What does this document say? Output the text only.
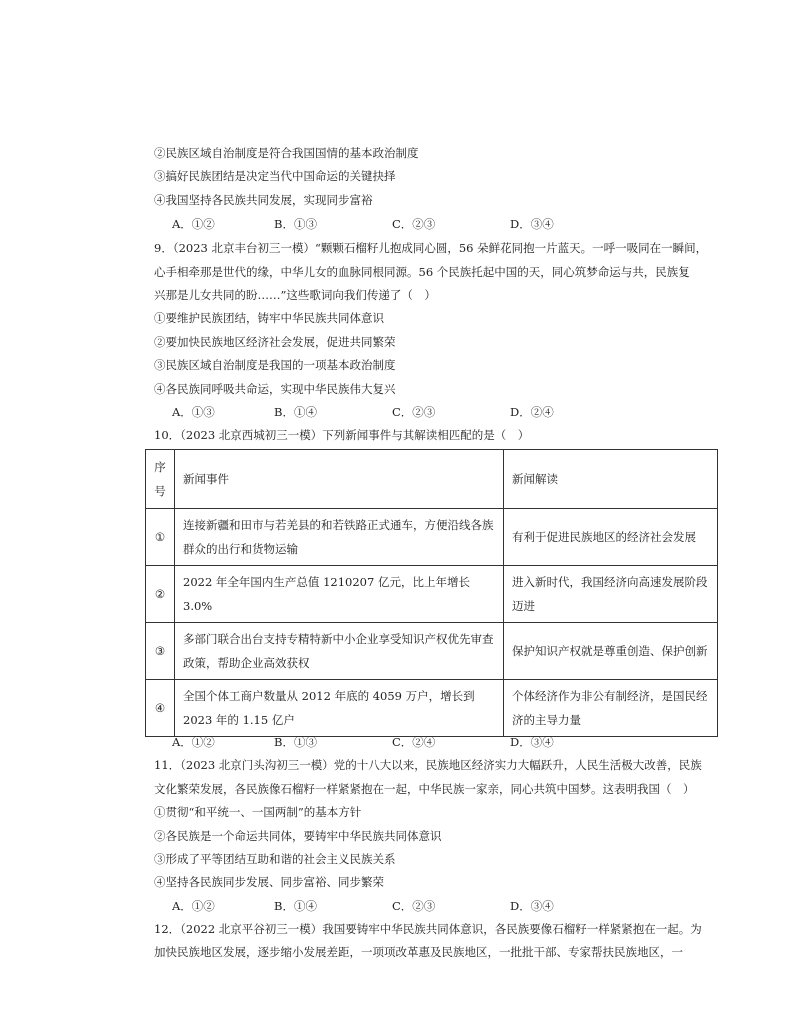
②民族区域自治制度是符合我国国情的基本政治制度
③搞好民族团结是决定当代中国命运的关键抉择
④我国坚持各民族共同发展，实现同步富裕
A．①②	B．①③	C．②③	D．③④
9．（2023 北京丰台初三一模）“颗颗石榴籽儿抱成同心圆，56 朵鲜花同抱一片蓝天。一呼一吸同在一瞬间，
心手相牵那是世代的缘，中华儿女的血脉同根同源。56 个民族托起中国的天，同心筑梦命运与共，民族复
兴那是儿女共同的盼……”这些歌词向我们传递了（　）
①要维护民族团结，铸牢中华民族共同体意识
②要加快民族地区经济社会发展，促进共同繁荣
③民族区域自治制度是我国的一项基本政治制度
④各民族同呼吸共命运，实现中华民族伟大复兴
A．①③	B．①④	C．②③	D．②④
10．（2023 北京西城初三一模）下列新闻事件与其解读相匹配的是（　）
序号	新闻事件	新闻解读
①	连接新疆和田市与若羌县的和若铁路正式通车，方便沿线各族群众的出行和货物运输	有利于促进民族地区的经济社会发展
②	2022 年全年国内生产总值 1210207 亿元，比上年增长 3.0%	进入新时代，我国经济向高速发展阶段迈进
③	多部门联合出台支持专精特新中小企业享受知识产权优先审查政策，帮助企业高效获权	保护知识产权就是尊重创造、保护创新
④	全国个体工商户数量从 2012 年底的 4059 万户，增长到 2023 年的 1.15 亿户	个体经济作为非公有制经济，是国民经济的主导力量
A．①②	B．①③	C．②④	D．③④
11．（2023 北京门头沟初三一模）党的十八大以来，民族地区经济实力大幅跃升，人民生活极大改善，民族
文化繁荣发展，各民族像石榴籽一样紧紧抱在一起，中华民族一家亲，同心共筑中国梦。这表明我国（　）
①贯彻“和平统一、一国两制”的基本方针
②各民族是一个命运共同体，要铸牢中华民族共同体意识
③形成了平等团结互助和谐的社会主义民族关系
④坚持各民族同步发展、同步富裕、同步繁荣
A．①②	B．①④	C．②③	D．③④
12．（2022 北京平谷初三一模）我国要铸牢中华民族共同体意识，各民族要像石榴籽一样紧紧抱在一起。为
加快民族地区发展，逐步缩小发展差距，一项项改革惠及民族地区，一批批干部、专家帮扶民族地区，一
